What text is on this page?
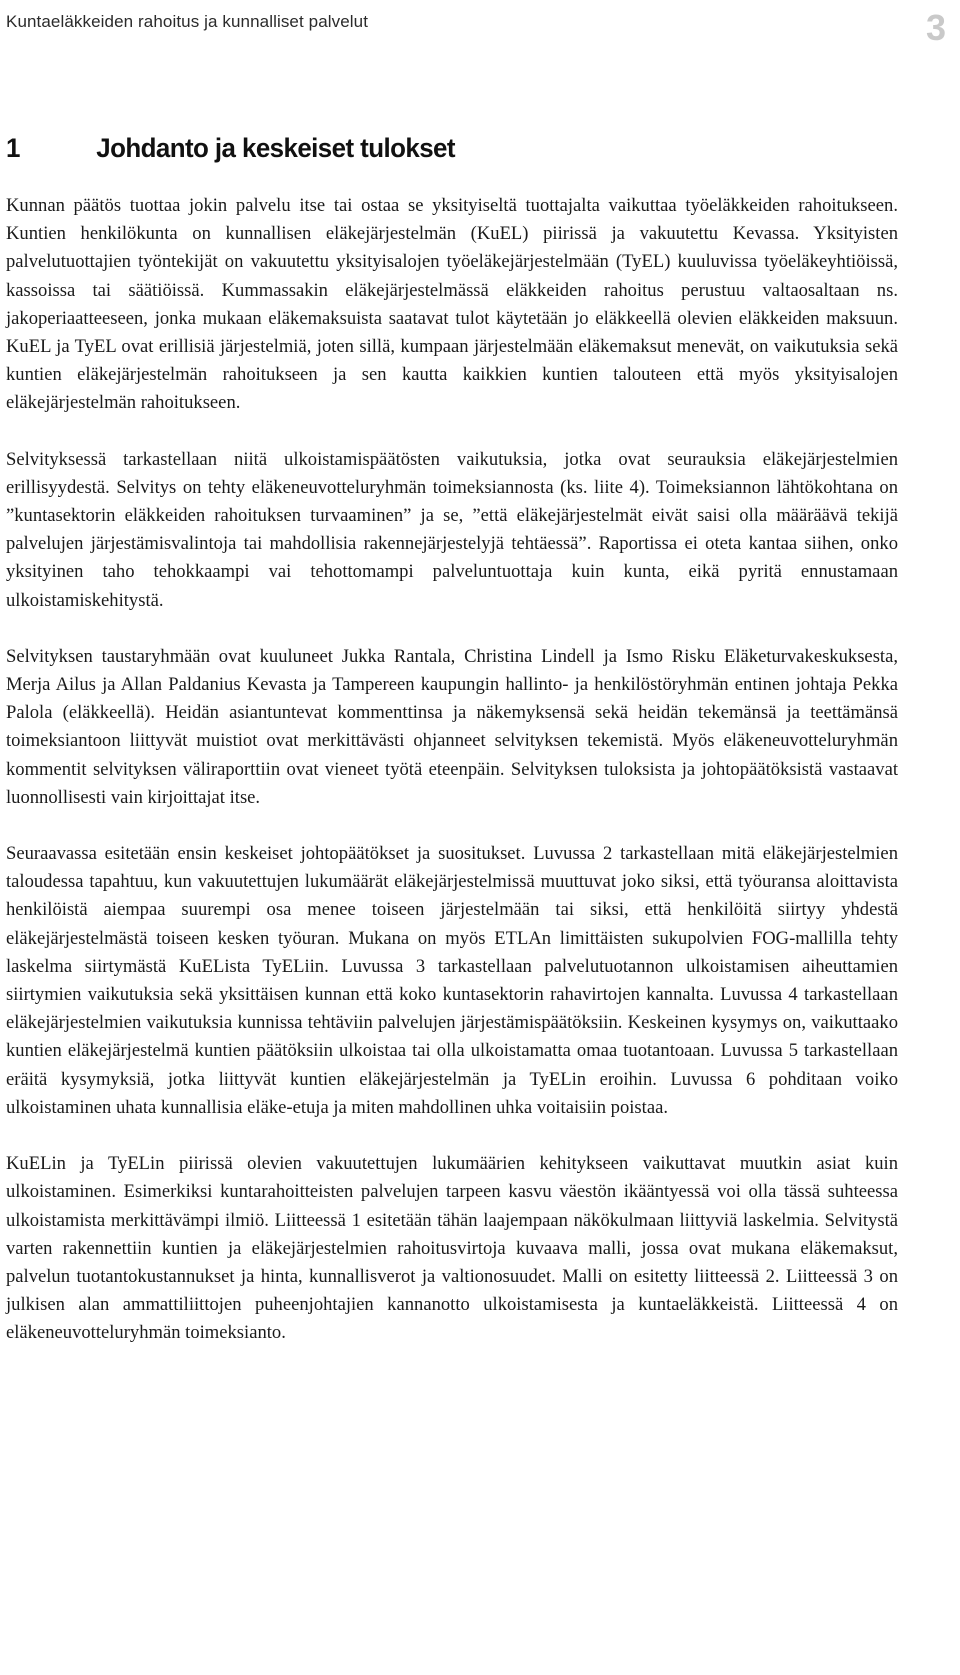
Kuntaeläkkeiden rahoitus ja kunnalliset palvelut	3
1	Johdanto ja keskeiset tulokset

Kunnan päätös tuottaa jokin palvelu itse tai ostaa se yksityiseltä tuottajalta vaikuttaa työeläkkeiden rahoitukseen. Kuntien henkilökunta on kunnallisen eläkejärjestelmän (KuEL) piirissä ja vakuutettu Kevassa. Yksityisten palvelutuottajien työntekijät on vakuutettu yksityisalojen työeläkejärjestelmään (TyEL) kuuluvissa työeläkeyhtiöissä, kassoissa tai säätiöissä. Kummassakin eläkejärjestelmässä eläkkeiden rahoitus perustuu valtaosaltaan ns. jakoperiaatteeseen, jonka mukaan eläkemaksuista saatavat tulot käytetään jo eläkkeellä olevien eläkkeiden maksuun. KuEL ja TyEL ovat erillisiä järjestelmiä, joten sillä, kumpaan järjestelmään eläkemaksut menevät, on vaikutuksia sekä kuntien eläkejärjestelmän rahoitukseen ja sen kautta kaikkien kuntien talouteen että myös yksityisalojen eläkejärjestelmän rahoitukseen.

Selvityksessä tarkastellaan niitä ulkoistamispäätösten vaikutuksia, jotka ovat seurauksia eläkejärjestelmien erillisyydestä. Selvitys on tehty eläkeneuvotteluryhmän toimeksiannosta (ks. liite 4). Toimeksiannon lähtökohtana on ”kuntasektorin eläkkeiden rahoituksen turvaaminen” ja se, ”että eläkejärjestelmät eivät saisi olla määräävä tekijä palvelujen järjestämisvalintoja tai mahdollisia rakennejärjestelyjä tehtäessä”. Raportissa ei oteta kantaa siihen, onko yksityinen taho tehokkaampi vai tehottomampi palveluntuottaja kuin kunta, eikä pyritä ennustamaan ulkoistamiskehitystä.

Selvityksen taustaryhmään ovat kuuluneet Jukka Rantala, Christina Lindell ja Ismo Risku Eläketurvakeskuksesta, Merja Ailus ja Allan Paldanius Kevasta ja Tampereen kaupungin hallinto- ja henkilöstöryhmän entinen johtaja Pekka Palola (eläkkeellä). Heidän asiantuntevat kommenttinsa ja näkemyksensä sekä heidän tekemänsä ja teettämänsä toimeksiantoon liittyvät muistiot ovat merkittävästi ohjanneet selvityksen tekemistä. Myös eläkeneuvotteluryhmän kommentit selvityksen väliraporttiin ovat vieneet työtä eteenpäin. Selvityksen tuloksista ja johtopäätöksistä vastaavat luonnollisesti vain kirjoittajat itse.

Seuraavassa esitetään ensin keskeiset johtopäätökset ja suositukset. Luvussa 2 tarkastellaan mitä eläkejärjestelmien taloudessa tapahtuu, kun vakuutettujen lukumäärät eläkejärjestelmissä muuttuvat joko siksi, että työuransa aloittavista henkilöistä aiempaa suurempi osa menee toiseen järjestelmään tai siksi, että henkilöitä siirtyy yhdestä eläkejärjestelmästä toiseen kesken työuran. Mukana on myös ETLAn limittäisten sukupolvien FOG-mallilla tehty laskelma siirtymästä KuELista TyELiin. Luvussa 3 tarkastellaan palvelutuotannon ulkoistamisen aiheuttamien siirtymien vaikutuksia sekä yksittäisen kunnan että koko kuntasektorin rahavirtojen kannalta. Luvussa 4 tarkastellaan eläkejärjestelmien vaikutuksia kunnissa tehtäviin palvelujen järjestämispäätöksiin. Keskeinen kysymys on, vaikuttaako kuntien eläkejärjestelmä kuntien päätöksiin ulkoistaa tai olla ulkoistamatta omaa tuotantoaan. Luvussa 5 tarkastellaan eräitä kysymyksiä, jotka liittyvät kuntien eläkejärjestelmän ja TyELin eroihin. Luvussa 6 pohditaan voiko ulkoistaminen uhata kunnallisia eläke-etuja ja miten mahdollinen uhka voitaisiin poistaa.

KuELin ja TyELin piirissä olevien vakuutettujen lukumäärien kehitykseen vaikuttavat muutkin asiat kuin ulkoistaminen. Esimerkiksi kuntarahoitteisten palvelujen tarpeen kasvu väestön ikääntyessä voi olla tässä suhteessa ulkoistamista merkittävämpi ilmiö. Liitteessä 1 esitetään tähän laajempaan näkökulmaan liittyviä laskelmia. Selvitystä varten rakennettiin kuntien ja eläkejärjestelmien rahoitusvirtoja kuvaava malli, jossa ovat mukana eläkemaksut, palvelun tuotantokustannukset ja hinta, kunnallisverot ja valtionosuudet. Malli on esitetty liitteessä 2. Liitteessä 3 on julkisen alan ammattiliittojen puheenjohtajien kannanotto ulkoistamisesta ja kuntaeläkkeistä. Liitteessä 4 on eläkeneuvotteluryhmän toimeksianto.
